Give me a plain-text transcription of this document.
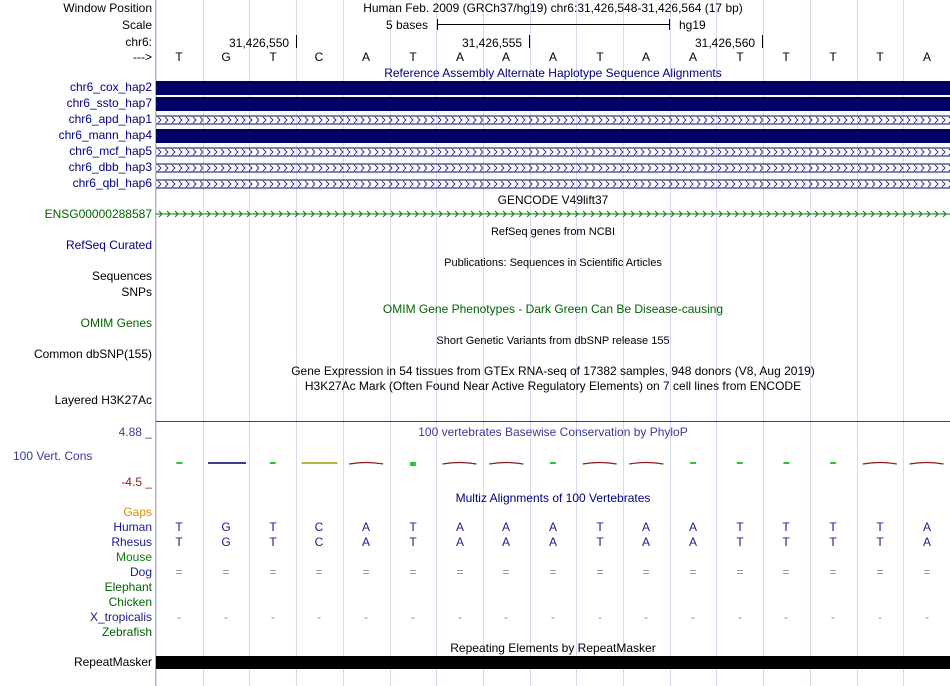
Window Position	Human Feb. 2009 (GRCh37/hg19) chr6:31,426,548-31,426,564 (17 bp)
Scale	5 bases	hg19
chr6:	31,426,550	31,426,555	31,426,560
--->	T	G	T	C	A	T	A	A	A	T	A	A	T	T	T	T	A
Reference Assembly Alternate Haplotype Sequence Alignments
chr6_cox_hap2
chr6_ssto_hap7
chr6_apd_hap1
chr6_mann_hap4
chr6_mcf_hap5
chr6_dbb_hap3
chr6_qbl_hap6
GENCODE V49lift37
ENSG00000288587
RefSeq genes from NCBI
RefSeq Curated
Publications: Sequences in Scientific Articles
Sequences
SNPs
OMIM Gene Phenotypes - Dark Green Can Be Disease-causing
OMIM Genes
Short Genetic Variants from dbSNP release 155
Common dbSNP(155)
Gene Expression in 54 tissues from GTEx RNA-seq of 17382 samples, 948 donors (V8, Aug 2019)
H3K27Ac Mark (Often Found Near Active Regulatory Elements) on 7 cell lines from ENCODE
Layered H3K27Ac
100 vertebrates Basewise Conservation by PhyloP
4.88 _
100 Vert. Cons
-4.5 _
Multiz Alignments of 100 Vertebrates
Gaps
Human	T	G	T	C	A	T	A	A	A	T	A	A	T	T	T	T	A
Rhesus	T	G	T	C	A	T	A	A	A	T	A	A	T	T	T	T	A
Mouse
Dog	=	=	=	=	=	=	=	=	=	=	=	=	=	=	=	=	=
Elephant
Chicken
X_tropicalis	-	-	-	-	-	-	-	-	-	-	-	-	-	-	-	-	-
Zebrafish
Repeating Elements by RepeatMasker
RepeatMasker
